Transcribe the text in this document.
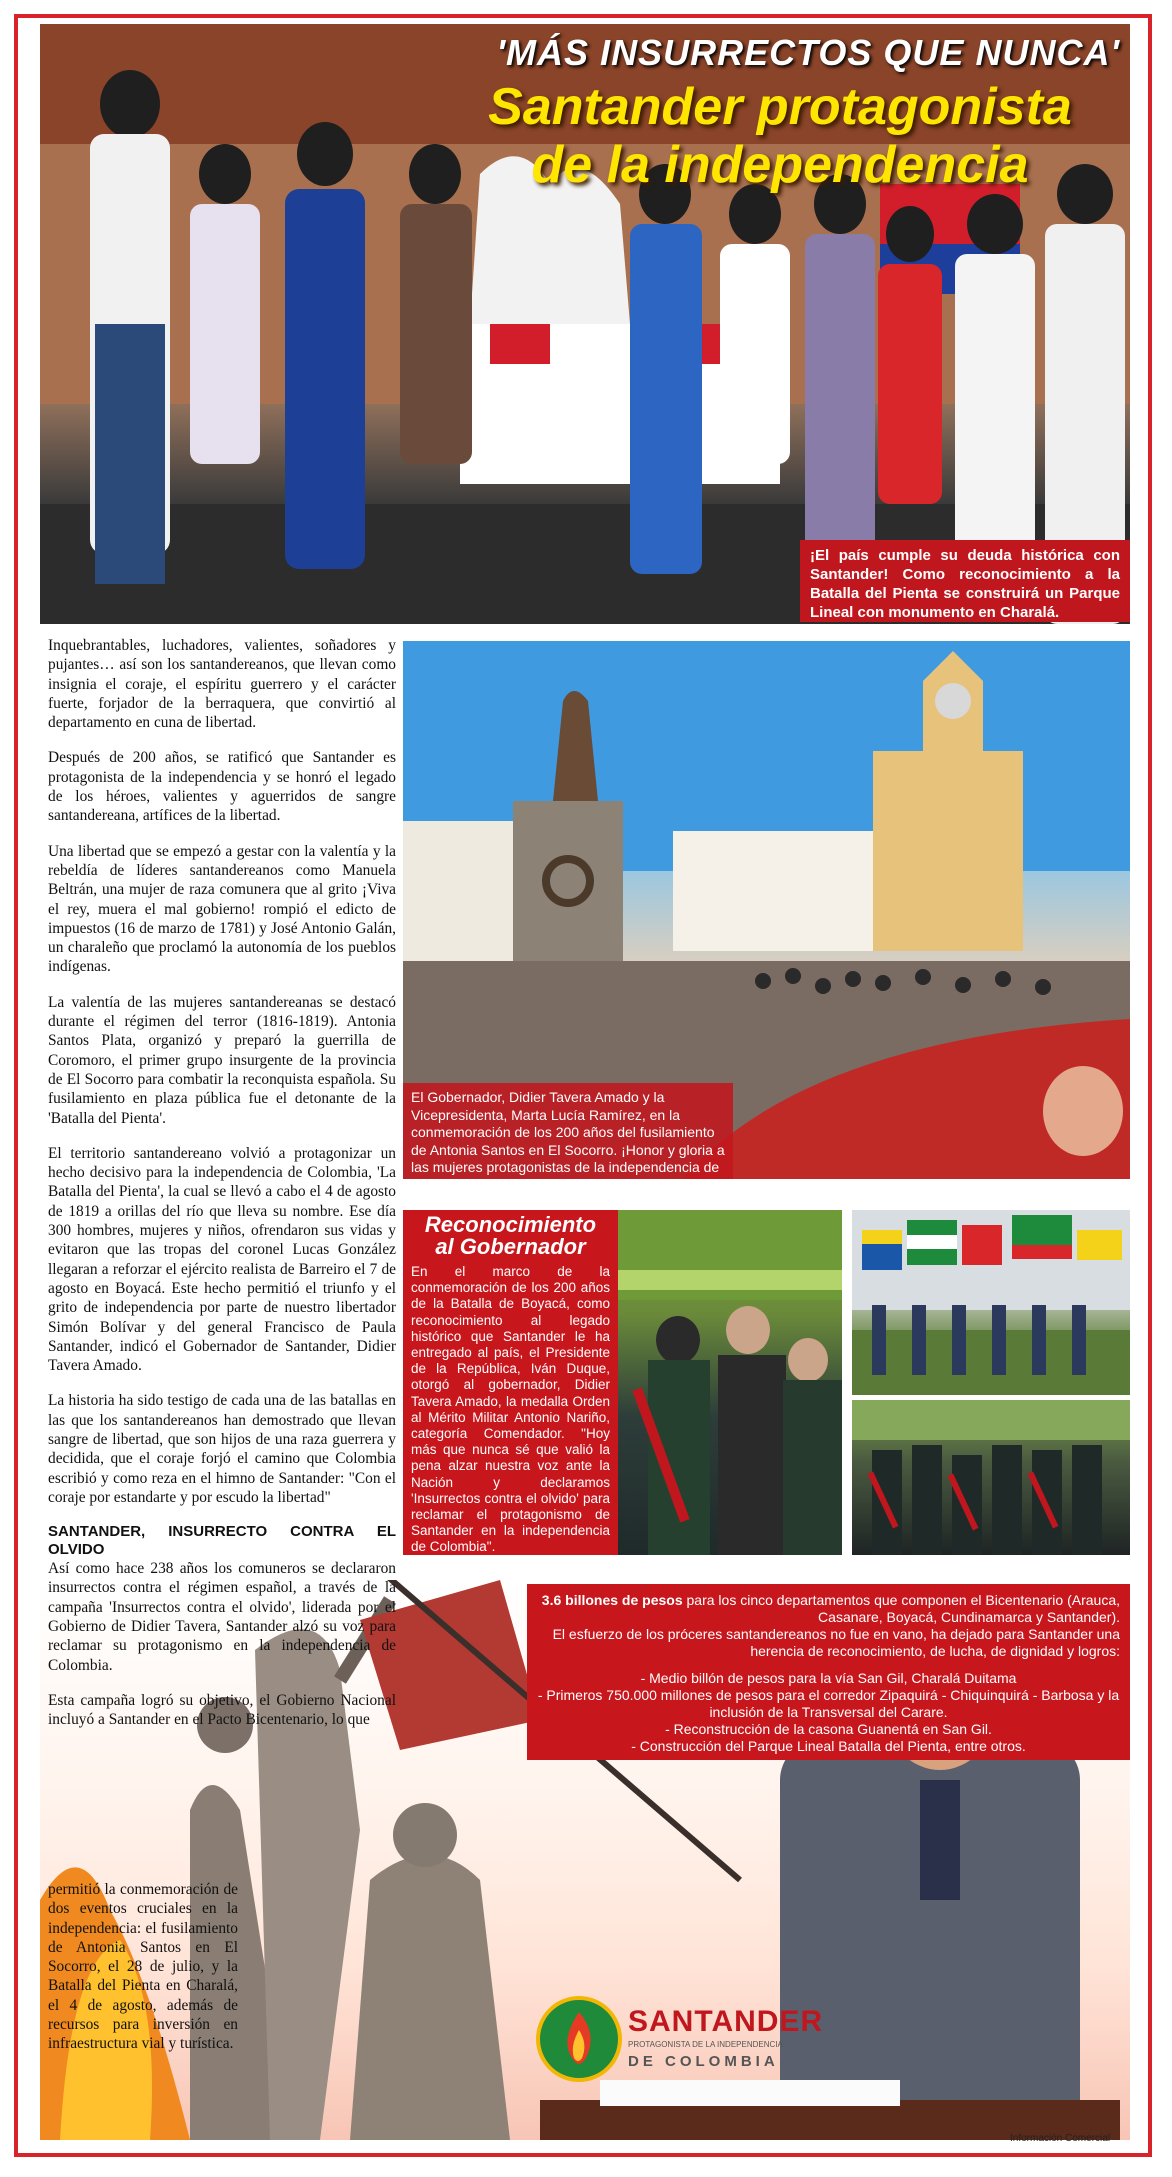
'MÁS INSURRECTOS QUE NUNCA'
Santander protagonista
de la independencia
¡El país cumple su deuda histórica con Santander! Como reconocimiento a la Batalla del Pienta se construirá un Parque Lineal con monumento en Charalá.
El Gobernador, Didier Tavera Amado y la Vicepresidenta, Marta Lucía Ramírez, en la conmemoración de los 200 años del fusilamiento de Antonia Santos en El Socorro. ¡Honor y gloria a las mujeres protagonistas de la independencia de Colombia!
Reconocimiento
al Gobernador
En el marco de la conmemoración de los 200 años de la Batalla de Boyacá, como reconocimiento al legado histórico que Santander le ha entregado al país, el Presidente de la República, Iván Duque, otorgó al gobernador, Didier Tavera Amado, la medalla Orden al Mérito Militar Antonio Nariño, categoría Comendador. "Hoy más que nunca sé que valió la pena alzar nuestra voz ante la Nación y declaramos 'Insurrectos contra el olvido' para reclamar el protagonismo de Santander en la independencia de Colombia".
3.6 billones de pesos para los cinco departamentos que componen el Bicentenario (Arauca, Casanare, Boyacá, Cundinamarca y Santander).
El esfuerzo de los próceres santandereanos no fue en vano, ha dejado para Santander una herencia de reconocimiento, de lucha, de dignidad y logros:
- Medio billón de pesos para la vía San Gil, Charalá Duitama
- Primeros 750.000 millones de pesos para el corredor Zipaquirá - Chiquinquirá - Barbosa y la inclusión de la Transversal del Carare.
- Reconstrucción de la casona Guanentá en San Gil.
- Construcción del Parque Lineal Batalla del Pienta, entre otros.

Inquebrantables, luchadores, valientes, soñadores y pujantes… así son los santandereanos, que llevan como insignia el coraje, el espíritu guerrero y el carácter fuerte, forjador de la berraquera, que convirtió al departamento en cuna de libertad.

Después de 200 años, se ratificó que Santander es protagonista de la independencia y se honró el legado de los héroes, valientes y aguerridos de sangre santandereana, artífices de la libertad.

Una libertad que se empezó a gestar con la valentía y la rebeldía de líderes santandereanos como Manuela Beltrán, una mujer de raza comunera que al grito ¡Viva el rey, muera el mal gobierno! rompió el edicto de impuestos (16 de marzo de 1781) y José Antonio Galán, un charaleño que proclamó la autonomía de los pueblos indígenas.

La valentía de las mujeres santandereanas se destacó durante el régimen del terror (1816-1819). Antonia Santos Plata, organizó y preparó la guerrilla de Coromoro, el primer grupo insurgente de la provincia de El Socorro para combatir la reconquista española. Su fusilamiento en plaza pública fue el detonante de la 'Batalla del Pienta'.

El territorio santandereano volvió a protagonizar un hecho decisivo para la independencia de Colombia, 'La Batalla del Pienta', la cual se llevó a cabo el 4 de agosto de 1819 a orillas del río que lleva su nombre. Ese día 300 hombres, mujeres y niños, ofrendaron sus vidas y evitaron que las tropas del coronel Lucas González llegaran a reforzar el ejército realista de Barreiro el 7 de agosto en Boyacá. Este hecho permitió el triunfo y el grito de independencia por parte de nuestro libertador Simón Bolívar y del general Francisco de Paula Santander, indicó el Gobernador de Santander, Didier Tavera Amado.

La historia ha sido testigo de cada una de las batallas en las que los santandereanos han demostrado que llevan sangre de libertad, que son hijos de una raza guerrera y decidida, que el coraje forjó el camino que Colombia escribió y como reza en el himno de Santander: "Con el coraje por estandarte y por escudo la libertad"

SANTANDER, INSURRECTO CONTRA EL OLVIDO

Así como hace 238 años los comuneros se declararon insurrectos contra el régimen español, a través de la campaña 'Insurrectos contra el olvido', liderada por el Gobierno de Didier Tavera, Santander alzó su voz para reclamar su protagonismo en la independencia de Colombia.

Esta campaña logró su objetivo, el Gobierno Nacional incluyó a Santander en el Pacto Bicentenario, lo que

permitió la conmemoración de dos eventos cruciales en la independencia: el fusilamiento de Antonia Santos en El Socorro, el 28 de julio, y la Batalla del Pienta en Charalá, el 4 de agosto, además de recursos para inversión en infraestructura vial y turística.

SANTANDER
PROTAGONISTA DE LA INDEPENDENCIA
DE COLOMBIA
Información Comercial
